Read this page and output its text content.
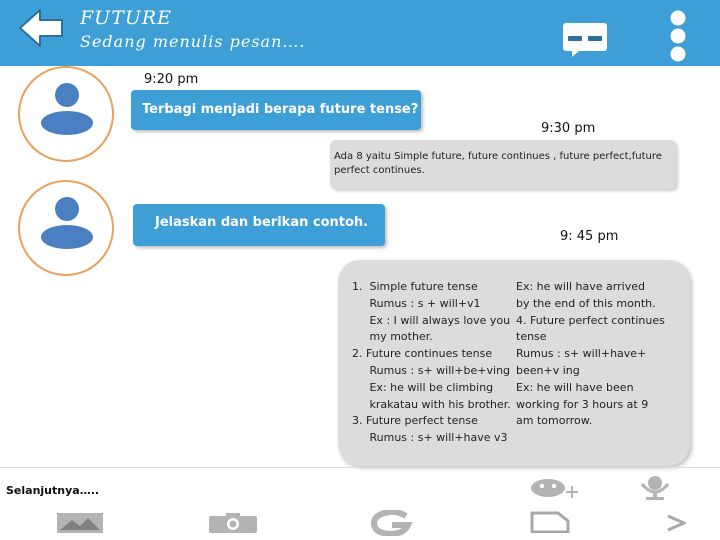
FUTURE
Sedang menulis pesan….
9:20 pm
Terbagi menjadi berapa future tense?
9:30 pm
Ada 8 yaitu Simple future, future continues , future perfect,future perfect continues.
Jelaskan dan berikan contoh.
9: 45 pm
1.  Simple future tense
Rumus : s + will+v1
Ex : I will always love you
my mother.
2. Future continues tense
Rumus : s+ will+be+ving
Ex: he will be climbing
krakatau with his brother.
3. Future perfect tense
Rumus : s+ will+have v3
Ex: he will have arrived
by the end of this month.
4. Future perfect continues
tense
Rumus : s+ will+have+
been+v ing
Ex: he will have been
working for 3 hours at 9
am tomorrow.
Selanjutnya…..
